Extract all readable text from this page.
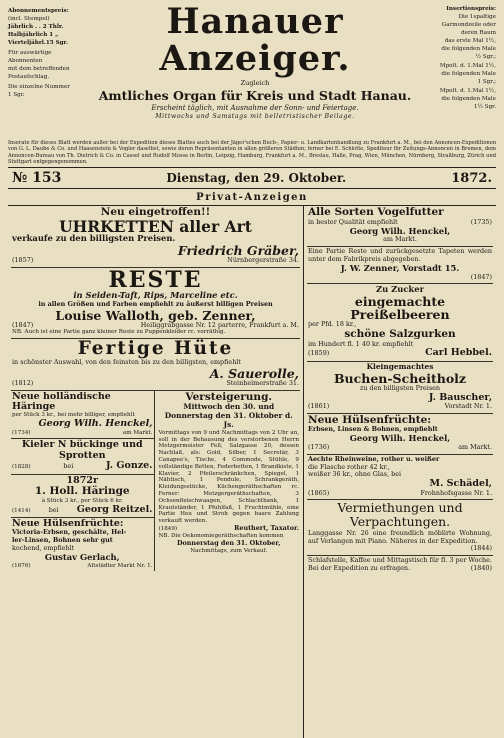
Abonnementspreis:
(incl. Stempel)
Jährlich . . 2 Thlr.
Halbjährlich 1 „
Vierteljährl.15 Sgr.
Für auswärtige
Abonnenten
mit dem betreffenden
Postaufschlag.
Die einzelne Nummer
1 Sgr.
Hanauer Anzeiger.
Zugleich
Amtliches Organ für Kreis und Stadt Hanau.
Erscheint täglich, mit Ausnahme der Sonn- und Feiertage.
Mittwochs und Samstags mit belletristischer Beilage.
Insertionspreis:
Die 1spaltige
Garmondzeile oder
deren Raum
das erste Mal 1½,
die folgenden Male
½ Sgr.;
Mpolt. d. 1.Mal 1½,
die folgenden Male
1 Sgr.;
Mpolt. d. 1.Mal 1½,
die folgenden Male
1½ Sgr.

Inserate für dieses Blatt werden außer bei der Expedition dieses Blattes auch bei der Jäger'schen Buch-, Papier- u. Landkartenhandlung zu Frankfurt a. M., bei den Annoncen-Expeditionen von G. L. Daube & Co. und Haasenstein & Vogler daselbst, sowie deren Repräsentanten in allen größeren Städten; ferner bei E. Schlotte, Spediteur für Zeitungs-Annoncen in Bremen, dem Annoncen-Bureau von Th. Dietrich & Co. in Cassel und Rudolf Mosse in Berlin, Leipzig, Hamburg, Frankfurt a. M., Breslau, Halle, Prag, Wien, München, Nürnberg, Straßburg, Zürich und Stuttgart entgegengenommen.

№ 153	Dienstag, den 29. Oktober.	1872.
Privat-Anzeigen
Neu eingetroffen!!
UHRKETTEN aller Art
verkaufe zu den billigsten Preisen.
Friedrich Gräber,
(1857)	Nürnbergerstraße 34.
RESTE
in Seiden-Taft, Rips, Marceline etc.
in allen Größen und Farben empfiehlt zu äußerst billigen Preisen
Louise Walloth, geb. Zenner,
(1847)	Heiliggrabgasse Nr. 12 parterre, Frankfurt a. M.
NB. Auch ist eine Partie ganz kleiner Reste zu Puppenkleider rc. vorräthig.
Fertige Hüte
in schönster Auswahl, von den feinsten bis zu den billigsten, empfiehlt
A. Sauerolle,
(1812)	Steinheimerstraße 31.
Neue holländische Häringe
per Stück 3 kr., bei mehr billiger, empfiehlt
Georg Wilh. Henckel,
(1734)	am Markt.
Kieler N bückinge und
Sprotten
(1828)	bei	J. Gonze.
1872r
1. Holl. Häringe
à Stück 3 kr., per Stück 6 kr.
(1414)	bei Georg Reitzel.
Neue Hülsenfrüchte:
Victoria-Erbsen, geschälte, Hel-
ler-Linsen, Bohnen sehr gut
kochend, empfiehlt
Gustav Gerlach,
(1676)	Altstädter Markt Nr. 1.
Versteigerung.
Mittwoch den 30. und
Donnerstag den 31. Oktober d. Js.
Vormittags von 9 und Nachmittags von 2 Uhr an, soll in der Behausung des verstorbenen Herrn Metzgermeister Fell, Salzgasse 20, dessen Nachlaß, als: Gold, Silber, 1 Secretär, 3 Canapee's, Tische, 4 Commode, Stühle, 9 vollständige Betten, Federbetten, 1 Brandkiste, 1 Klavier, 2 Pfeilerschränkchen, Spiegel, 1 Nähtisch, 1 Pendule, Schrankgeräth, Kleidungsstücke, Küchengeräthschaften rc. Ferner: Metzgergeräthschaften, 3 Ochsenfleischwaagen, Schlachtbank, 1 Krautständer, 1 Pfuhlfaß, 1 Fruchtmühle, eine Partie Heu und Stroh gegen baare Zahlung verkauft werden.
(1849)	Reuthert, Taxator.
NB. Die Oekonomiegeräthschaften kommen
Donnerstag den 31. Oktober,
Nachmittags, zum Verkauf.
Alle Sorten Vogelfutter
in bester Qualität empfiehlt	(1735)
Georg Wilh. Henckel,
am Markt.
Eine Partie Reste und zurückgesetzte Tapeten werden unter dem Fabrikpreis abgegeben.
J. W. Zenner, Vorstadt 15.
(1847)
Zu Zucker
eingemachte Preißelbeeren
per Pfd. 18 kr.,
schöne Salzgurken
im Hundert fl. 1 40 kr. empfiehlt
(1859)	Carl Hebbel.
Kleingemachtes
Buchen-Scheitholz
zu den billigsten Preisen
J. Bauscher,
(1861)	Vorstadt Nr. 1.
Neue Hülsenfrüchte:
Erbsen, Linsen & Bohnen, empfiehlt
Georg Wilh. Henckel,
(1736)	am Markt.
Aechte Rheinweine, rother u. weißer
die Flasche rother 42 kr.,
weißer 36 kr., ohne Glas, bei
M. Schädel,
(1865)	Frohnhofsgasse Nr. 1.
Vermiethungen und
Verpachtungen.
Langgasse Nr. 26 eine freundlich möblirte Wohnung, auf Verlangen mit Piano. Näheres in der Expedition.
(1844)
Schlafstelle, Kaffee und Mittagstisch für fl. 3 per Woche.
Bei der Expedition zu erfragen.	(1840)
